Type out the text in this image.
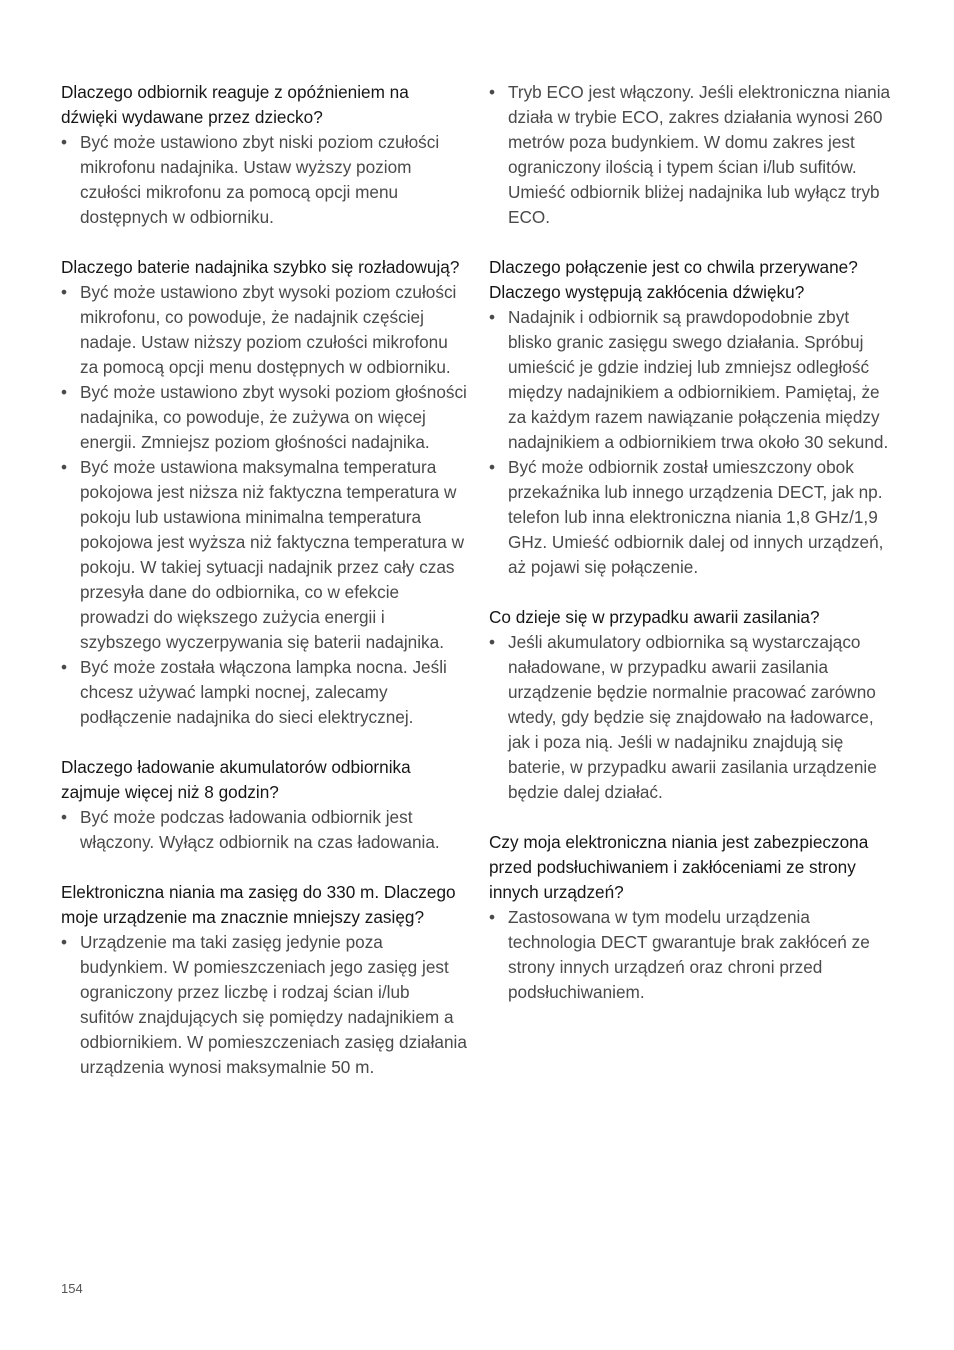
Dlaczego odbiornik reaguje z opóźnieniem na dźwięki wydawane przez dziecko?

• Być może ustawiono zbyt niski poziom czułości mikrofonu nadajnika. Ustaw wyższy poziom czułości mikrofonu za pomocą opcji menu dostępnych w odbiorniku.

Dlaczego baterie nadajnika szybko się rozładowują?

• Być może ustawiono zbyt wysoki poziom czułości mikrofonu, co powoduje, że nadajnik częściej nadaje. Ustaw niższy poziom czułości mikrofonu za pomocą opcji menu dostępnych w odbiorniku.
• Być może ustawiono zbyt wysoki poziom głośności nadajnika, co powoduje, że zużywa on więcej energii. Zmniejsz poziom głośności nadajnika.
• Być może ustawiona maksymalna temperatura pokojowa jest niższa niż faktyczna temperatura w pokoju lub ustawiona minimalna temperatura pokojowa jest wyższa niż faktyczna temperatura w pokoju. W takiej sytuacji nadajnik przez cały czas przesyła dane do odbiornika, co w efekcie prowadzi do większego zużycia energii i szybszego wyczerpywania się baterii nadajnika.
• Być może została włączona lampka nocna. Jeśli chcesz używać lampki nocnej, zalecamy podłączenie nadajnika do sieci elektrycznej.

Dlaczego ładowanie akumulatorów odbiornika zajmuje więcej niż 8 godzin?

• Być może podczas ładowania odbiornik jest włączony. Wyłącz odbiornik na czas ładowania.

Elektroniczna niania ma zasięg do 330 m. Dlaczego moje urządzenie ma znacznie mniejszy zasięg?

• Urządzenie ma taki zasięg jedynie poza budynkiem. W pomieszczeniach jego zasięg jest ograniczony przez liczbę i rodzaj ścian i/lub sufitów znajdujących się pomiędzy nadajnikiem a odbiornikiem. W pomieszczeniach zasięg działania urządzenia wynosi maksymalnie 50 m.
• Tryb ECO jest włączony. Jeśli elektroniczna niania działa w trybie ECO, zakres działania wynosi 260 metrów poza budynkiem. W domu zakres jest ograniczony ilością i typem ścian i/lub sufitów. Umieść odbiornik bliżej nadajnika lub wyłącz tryb ECO.

Dlaczego połączenie jest co chwila przerywane? Dlaczego występują zakłócenia dźwięku?

• Nadajnik i odbiornik są prawdopodobnie zbyt blisko granic zasięgu swego działania. Spróbuj umieścić je gdzie indziej lub zmniejsz odległość między nadajnikiem a odbiornikiem. Pamiętaj, że za każdym razem nawiązanie połączenia między nadajnikiem a odbiornikiem trwa około 30 sekund.
• Być może odbiornik został umieszczony obok przekaźnika lub innego urządzenia DECT, jak np. telefon lub inna elektroniczna niania 1,8 GHz/1,9 GHz. Umieść odbiornik dalej od innych urządzeń, aż pojawi się połączenie.

Co dzieje się w przypadku awarii zasilania?

• Jeśli akumulatory odbiornika są wystarczająco naładowane, w przypadku awarii zasilania urządzenie będzie normalnie pracować zarówno wtedy, gdy będzie się znajdowało na ładowarce, jak i poza nią. Jeśli w nadajniku znajdują się baterie, w przypadku awarii zasilania urządzenie będzie dalej działać.

Czy moja elektroniczna niania jest zabezpieczona przed podsłuchiwaniem i zakłóceniami ze strony innych urządzeń?

• Zastosowana w tym modelu urządzenia technologia DECT gwarantuje brak zakłóceń ze strony innych urządzeń oraz chroni przed podsłuchiwaniem.
154
